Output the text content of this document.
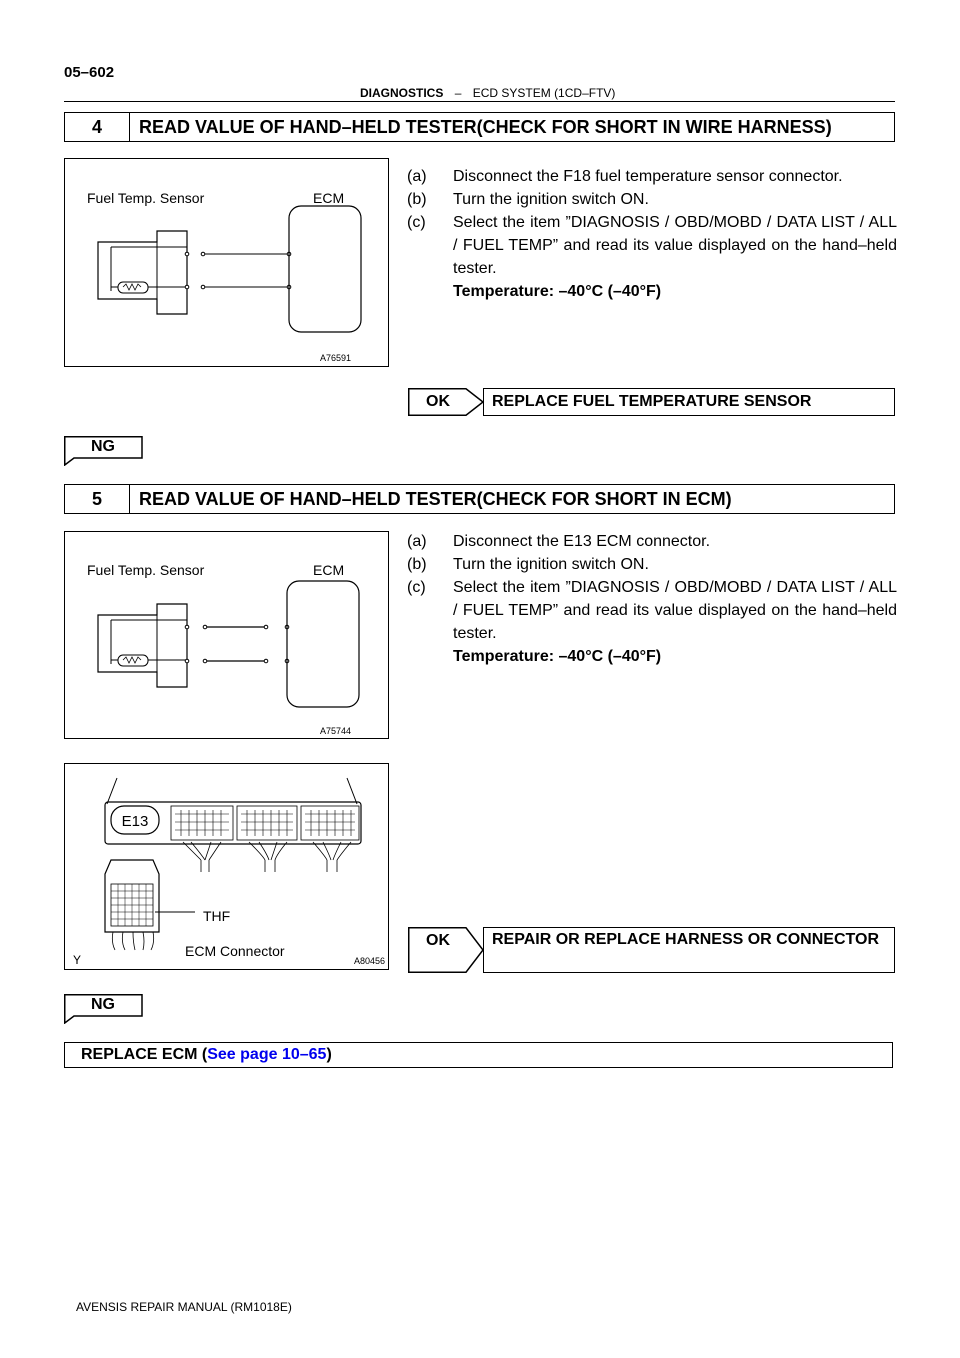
05–602
DIAGNOSTICS – ECD SYSTEM (1CD–FTV)
4	READ VALUE OF HAND–HELD TESTER(CHECK FOR SHORT IN WIRE HARNESS)
Fuel Temp. Sensor	ECM
A76591
(a)	Disconnect the F18 fuel temperature sensor connector.
(b)	Turn the ignition switch ON.
(c)	Select the item ”DIAGNOSIS / OBD/MOBD / DATA LIST / ALL / FUEL TEMP” and read its value displayed on the hand–held tester.
Temperature: –40°C (–40°F)
OK	REPLACE FUEL TEMPERATURE SENSOR
NG
5	READ VALUE OF HAND–HELD TESTER(CHECK FOR SHORT IN ECM)
Fuel Temp. Sensor	ECM
A75744
(a)	Disconnect the E13 ECM connector.
(b)	Turn the ignition switch ON.
(c)	Select the item ”DIAGNOSIS / OBD/MOBD / DATA LIST / ALL / FUEL TEMP” and read its value displayed on the hand–held tester.
Temperature: –40°C (–40°F)
E13
THF
ECM Connector
Y	A80456
OK	REPAIR OR REPLACE HARNESS OR CONNECTOR
NG
REPLACE ECM ( See page 10–65 )
AVENSIS REPAIR MANUAL (RM1018E)
